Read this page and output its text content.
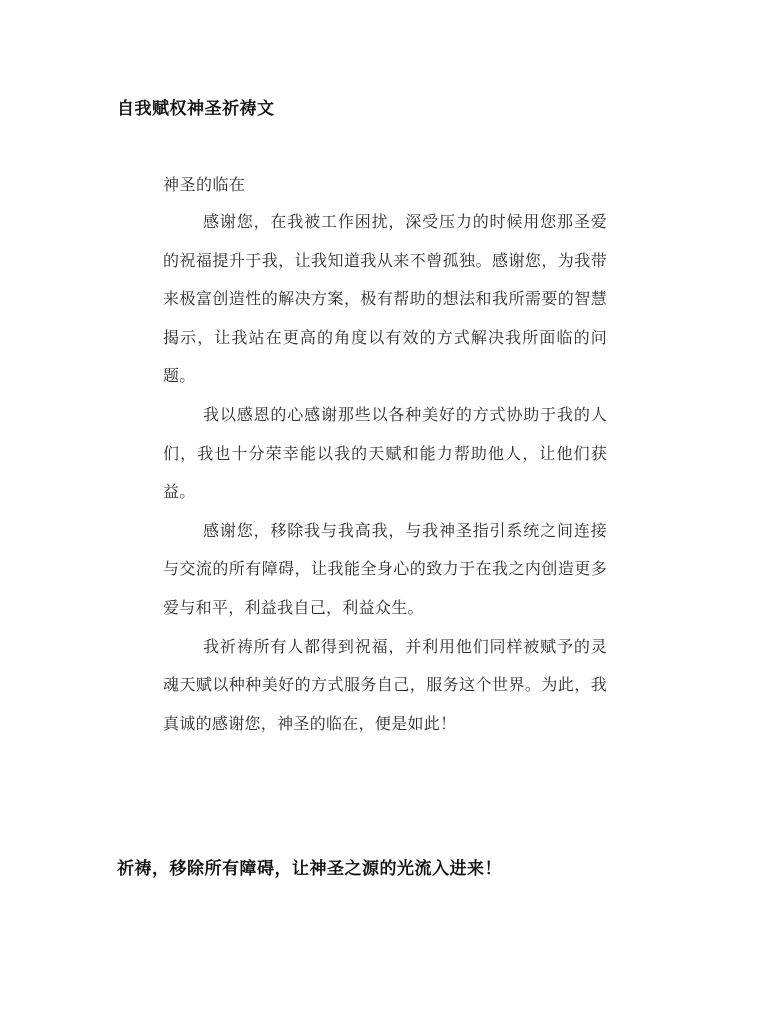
自我赋权神圣祈祷文
神圣的临在

感谢您，在我被工作困扰，深受压力的时候用您那圣爱的祝福提升于我，让我知道我从来不曾孤独。感谢您，为我带来极富创造性的解决方案，极有帮助的想法和我所需要的智慧揭示，让我站在更高的角度以有效的方式解决我所面临的问题。

我以感恩的心感谢那些以各种美好的方式协助于我的人们，我也十分荣幸能以我的天赋和能力帮助他人，让他们获益。

感谢您，移除我与我高我，与我神圣指引系统之间连接与交流的所有障碍，让我能全身心的致力于在我之内创造更多爱与和平，利益我自己，利益众生。

我祈祷所有人都得到祝福，并利用他们同样被赋予的灵魂天赋以种种美好的方式服务自己，服务这个世界。为此，我真诚的感谢您，神圣的临在，便是如此！

祈祷，移除所有障碍，让神圣之源的光流入进来！
